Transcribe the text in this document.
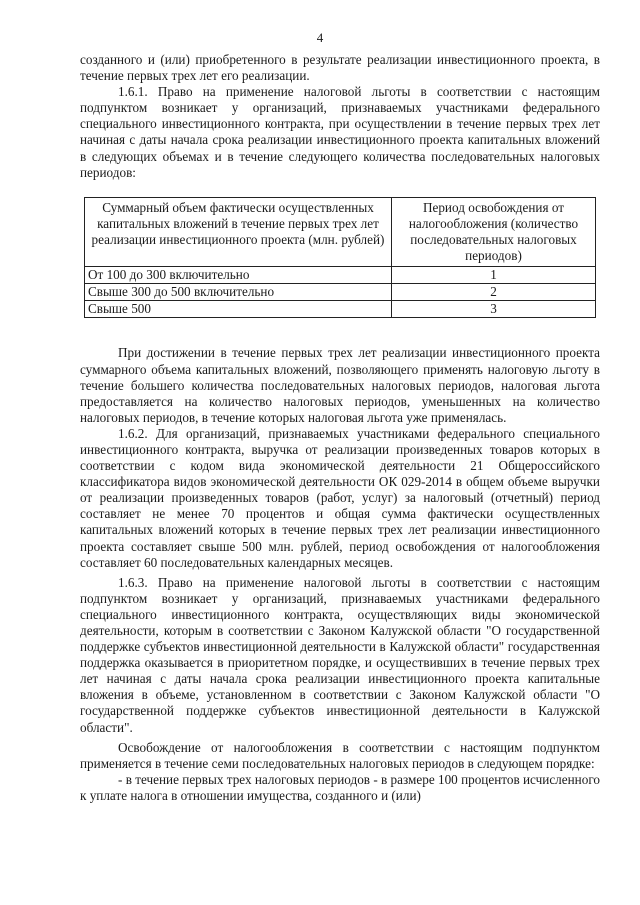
4

созданного и (или) приобретенного в результате реализации инвестиционного проекта, в течение первых трех лет его реализации.

1.6.1. Право на применение налоговой льготы в соответствии с настоящим подпунктом возникает у организаций, признаваемых участниками федерального специального инвестиционного контракта, при осуществлении в течение первых трех лет начиная с даты начала срока реализации инвестиционного проекта капитальных вложений в следующих объемах и в течение следующего количества последовательных налоговых периодов:

Суммарный объем фактически осуществленных капитальных вложений в течение первых трех лет реализации инвестиционного проекта (млн. рублей)	Период освобождения от налогообложения (количество последовательных налоговых периодов)
От 100 до 300 включительно	1
Свыше 300 до 500 включительно	2
Свыше 500	3

При достижении в течение первых трех лет реализации инвестиционного проекта суммарного объема капитальных вложений, позволяющего применять налоговую льготу в течение большего количества последовательных налоговых периодов, налоговая льгота предоставляется на количество налоговых периодов, уменьшенных на количество налоговых периодов, в течение которых налоговая льгота уже применялась.

1.6.2. Для организаций, признаваемых участниками федерального специального инвестиционного контракта, выручка от реализации произведенных товаров которых в соответствии с кодом вида экономической деятельности 21 Общероссийского классификатора видов экономической деятельности ОК 029-2014 в общем объеме выручки от реализации произведенных товаров (работ, услуг) за налоговый (отчетный) период составляет не менее 70 процентов и общая сумма фактически осуществленных капитальных вложений которых в течение первых трех лет реализации инвестиционного проекта составляет свыше 500 млн. рублей, период освобождения от налогообложения составляет 60 последовательных календарных месяцев.

1.6.3. Право на применение налоговой льготы в соответствии с настоящим подпунктом возникает у организаций, признаваемых участниками федерального специального инвестиционного контракта, осуществляющих виды экономической деятельности, которым в соответствии с Законом Калужской области "О государственной поддержке субъектов инвестиционной деятельности в Калужской области" государственная поддержка оказывается в приоритетном порядке, и осуществивших в течение первых трех лет начиная с даты начала срока реализации инвестиционного проекта капитальные вложения в объеме, установленном в соответствии с Законом Калужской области "О государственной поддержке субъектов инвестиционной деятельности в Калужской области".

Освобождение от налогообложения в соответствии с настоящим подпунктом применяется в течение семи последовательных налоговых периодов в следующем порядке:

- в течение первых трех налоговых периодов - в размере 100 процентов исчисленного к уплате налога в отношении имущества, созданного и (или)
